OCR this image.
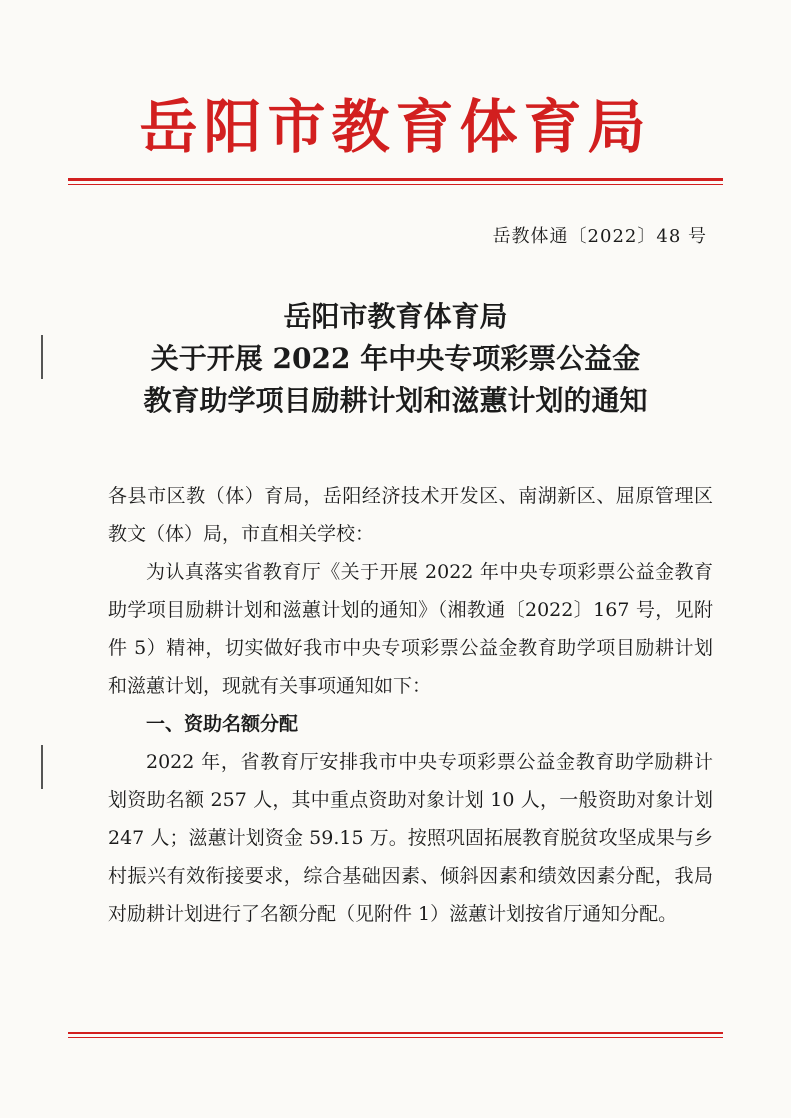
岳阳市教育体育局
岳教体通〔2022〕48 号
岳阳市教育体育局
关于开展 2022 年中央专项彩票公益金
教育助学项目励耕计划和滋蕙计划的通知

各县市区教（体）育局，岳阳经济技术开发区、南湖新区、屈原管理区教文（体）局，市直相关学校：

为认真落实省教育厅《关于开展 2022 年中央专项彩票公益金教育助学项目励耕计划和滋蕙计划的通知》（湘教通〔2022〕167 号，见附件 5）精神，切实做好我市中央专项彩票公益金教育助学项目励耕计划和滋蕙计划，现就有关事项通知如下：

一、资助名额分配

2022 年，省教育厅安排我市中央专项彩票公益金教育助学励耕计划资助名额 257 人，其中重点资助对象计划 10 人，一般资助对象计划 247 人；滋蕙计划资金 59.15 万。按照巩固拓展教育脱贫攻坚成果与乡村振兴有效衔接要求，综合基础因素、倾斜因素和绩效因素分配，我局对励耕计划进行了名额分配（见附件 1）滋蕙计划按省厅通知分配。
